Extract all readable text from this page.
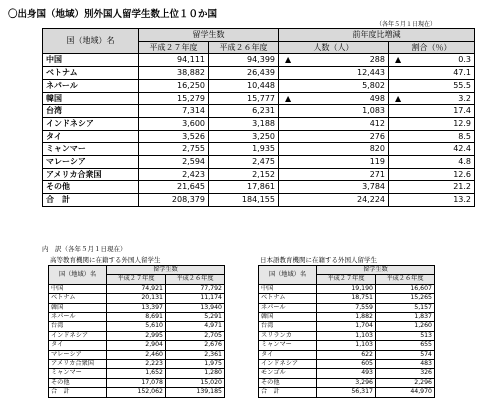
〇出身国（地域）別外国人留学生数上位１０か国
（各年５月１日現在）
国（地域）名	留学生数		前年度比増減	
	平成２７年度	平成２６年度	人数（人）	割合（％）
中国	94,111	94,399	▲ 288	▲ 0.3
ベトナム	38,882	26,439	12,443	47.1
ネパール	16,250	10,448	5,802	55.5
韓国	15,279	15,777	▲ 498	▲ 3.2
台湾	7,314	6,231	1,083	17.4
インドネシア	3,600	3,188	412	12.9
タイ	3,526	3,250	276	8.5
ミャンマー	2,755	1,935	820	42.4
マレーシア	2,594	2,475	119	4.8
アメリカ合衆国	2,423	2,152	271	12.6
その他	21,645	17,861	3,784	21.2
合　計	208,379	184,155	24,224	13.2
内　訳（各年５月１日現在）
高等教育機関に在籍する外国人留学生
国（地域）名	留学生数	
	平成２７年度	平成２６年度
中国	74,921	77,792
ベトナム	20,131	11,174
韓国	13,397	13,940
ネパール	8,691	5,291
台湾	5,610	4,971
インドネシア	2,995	2,705
タイ	2,904	2,676
マレーシア	2,460	2,361
アメリカ合衆国	2,223	1,975
ミャンマー	1,652	1,280
その他	17,078	15,020
合　計	152,062	139,185
日本語教育機関に在籍する外国人留学生
国（地域）名	留学生数	
	平成２７年度	平成２６年度
中国	19,190	16,607
ベトナム	18,751	15,265
ネパール	7,559	5,157
韓国	1,882	1,837
台湾	1,704	1,260
スリランカ	1,103	513
ミャンマー	1,103	655
タイ	622	574
インドネシア	605	483
モンゴル	493	326
その他	3,296	2,296
合　計	56,317	44,970
